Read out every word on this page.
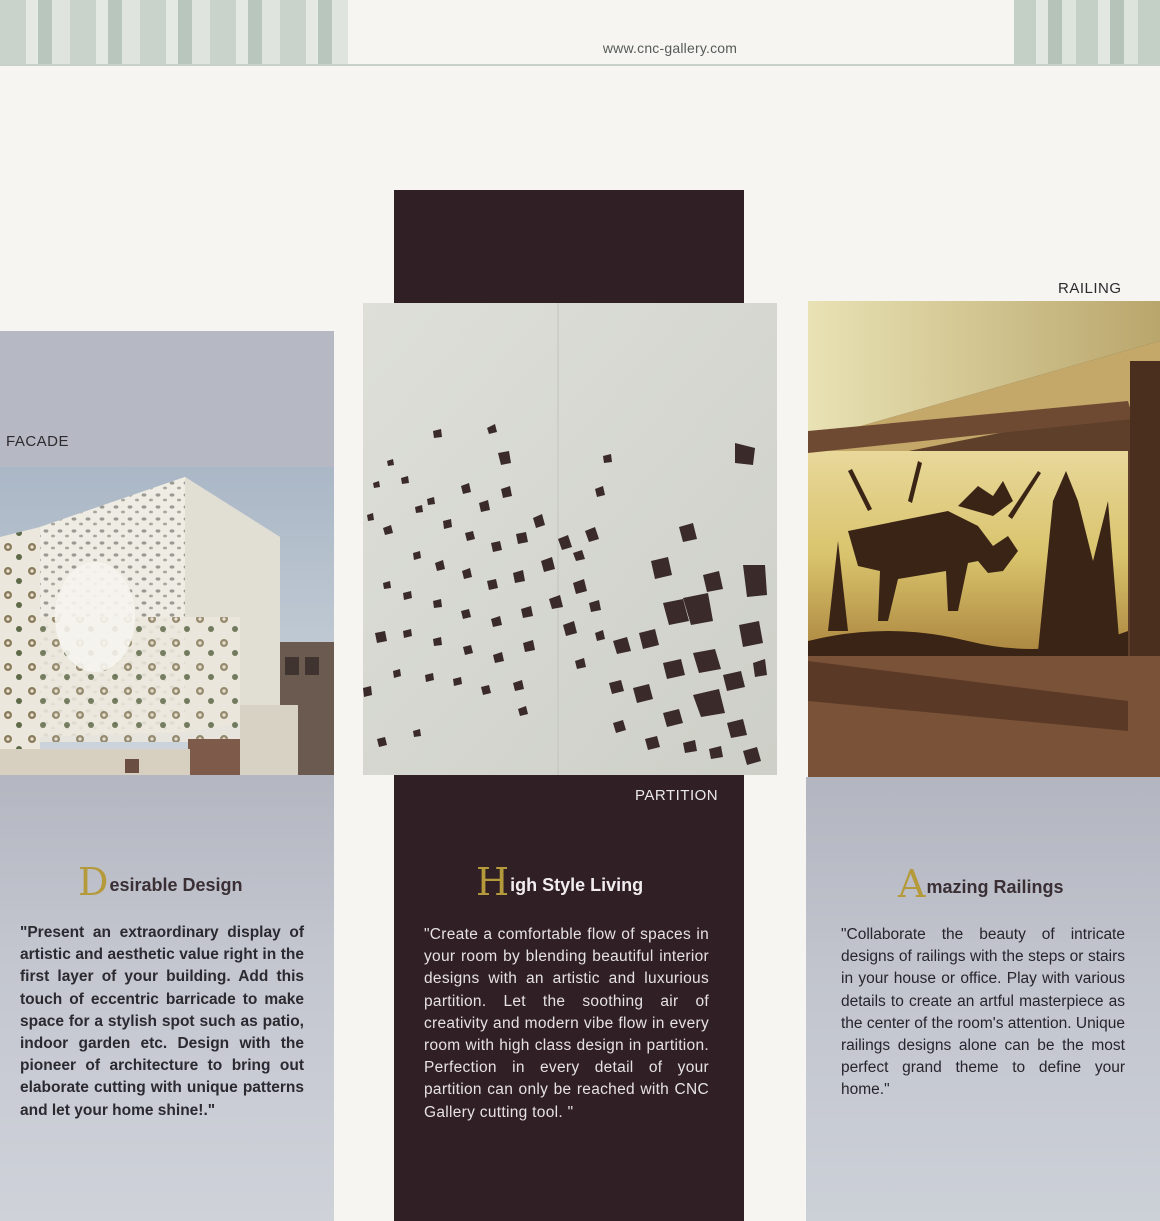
www.cnc-gallery.com
FACADE
PARTITION
RAILING
Desirable Design	High Style Living	Amazing Railings
"Present an extraordinary display of artistic and aesthetic value right in the first layer of your building. Add this touch of eccentric barricade to make space for a stylish spot such as patio, indoor garden etc. Design with the pioneer of architecture to bring out elaborate cutting with unique patterns and let your home shine!."
"Create a comfortable flow of spaces in your room by blending beautiful interior designs with an artistic and luxurious partition. Let the soothing air of creativity and modern vibe flow in every room with high class design in partition. Perfection in every detail of your partition can only be reached with CNC Gallery cutting tool. "
"Collaborate the beauty of intricate designs of railings with the steps or stairs in your house or office. Play with various details to create an artful masterpiece as the center of the room's attention. Unique railings designs alone can be the most perfect grand theme to define your home."
